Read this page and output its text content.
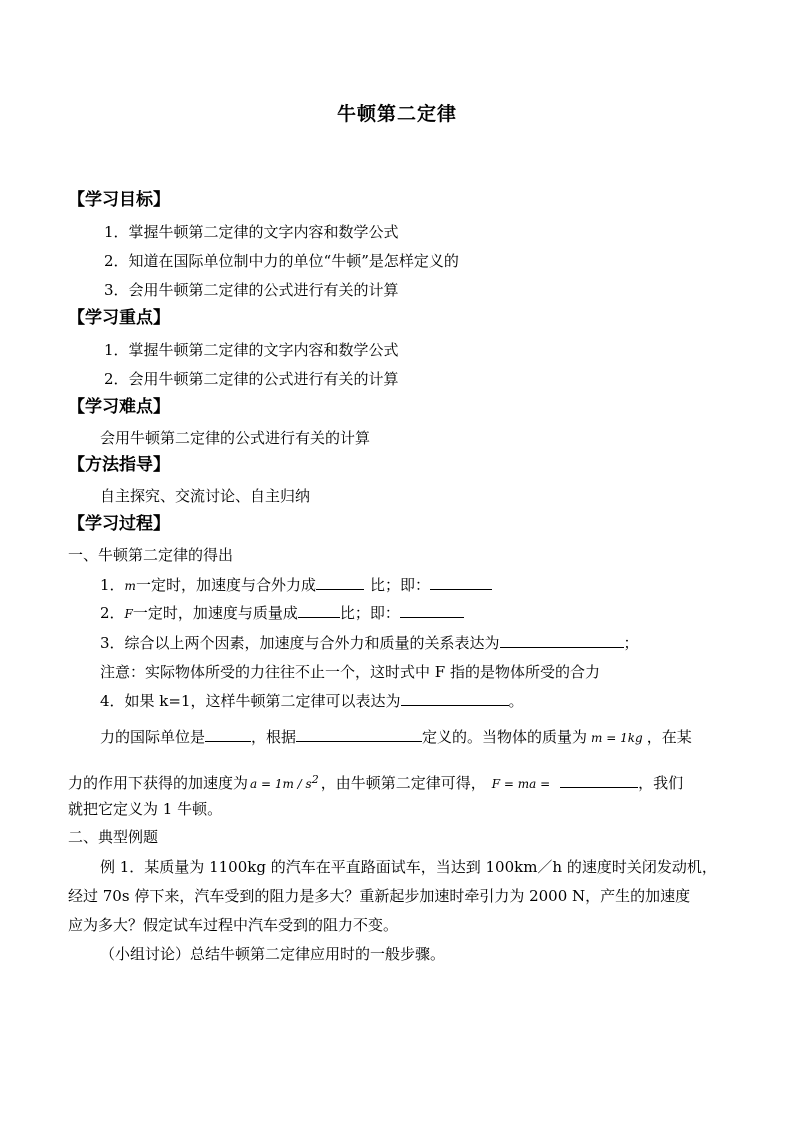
牛顿第二定律
【学习目标】
1．掌握牛顿第二定律的文字内容和数学公式
2．知道在国际单位制中力的单位“牛顿”是怎样定义的
3．会用牛顿第二定律的公式进行有关的计算
【学习重点】
1．掌握牛顿第二定律的文字内容和数学公式
2．会用牛顿第二定律的公式进行有关的计算
【学习难点】
会用牛顿第二定律的公式进行有关的计算
【方法指导】
自主探究、交流讨论、自主归纳
【学习过程】
一、牛顿第二定律的得出
1．m一定时，加速度与合外力成	比；即：
2．F一定时，加速度与质量成	比；即：
3．综合以上两个因素，加速度与合外力和质量的关系表达为	；
注意：实际物体所受的力往往不止一个，这时式中 F 指的是物体所受的合力
4．如果 k=1，这样牛顿第二定律可以表达为	。
力的国际单位是	，根据	定义的。当物体的质量为 m = 1kg ，在某
力的作用下获得的加速度为 $a = 1m / s^2$ ，由牛顿第二定律可得， F = ma =	，我们
就把它定义为 1 牛顿。
二、典型例题
例 1．某质量为 1100kg 的汽车在平直路面试车，当达到 100km／h 的速度时关闭发动机，
经过 70s 停下来，汽车受到的阻力是多大？重新起步加速时牵引力为 2000 N，产生的加速度
应为多大？假定试车过程中汽车受到的阻力不变。
（小组讨论）总结牛顿第二定律应用时的一般步骤。
